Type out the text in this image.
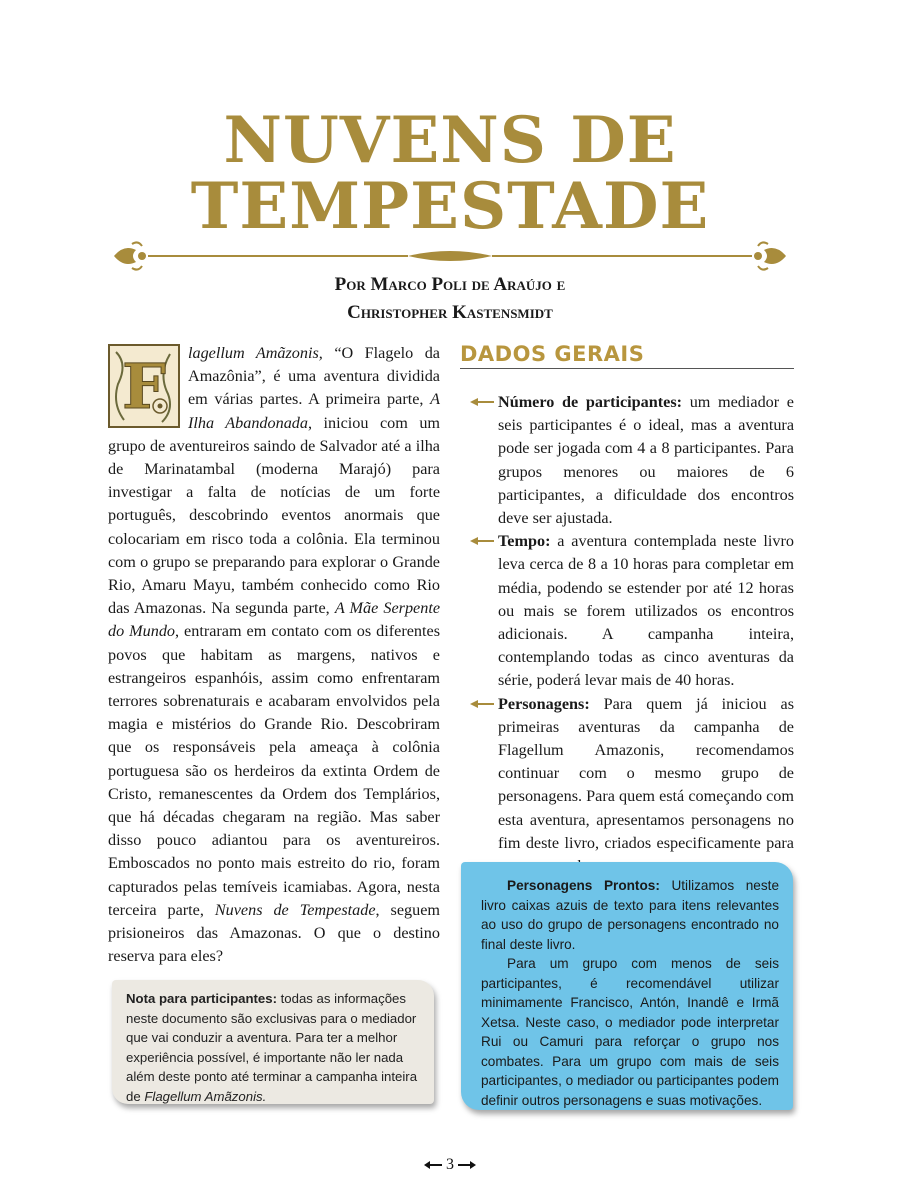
NUVENS DE
TEMPESTADE
Por Marco Poli de Araújo e
Christopher Kastensmidt
F lagellum Amãzonis, “O Flagelo da Amazônia”, é uma aventura dividida em várias partes. A primeira parte, A Ilha Abandonada, iniciou com um grupo de aventureiros saindo de Salvador até a ilha de Marinatambal (moderna Marajó) para investigar a falta de notícias de um forte português, descobrindo eventos anormais que colocariam em risco toda a colônia. Ela terminou com o grupo se preparando para explorar o Grande Rio, Amaru Mayu, também conhecido como Rio das Amazonas. Na segunda parte, A Mãe Serpente do Mundo, entraram em contato com os diferentes povos que habitam as margens, nativos e estrangeiros espanhóis, assim como enfrentaram terrores sobrenaturais e acabaram envolvidos pela magia e mistérios do Grande Rio. Descobriram que os responsáveis pela ameaça à colônia portuguesa são os herdeiros da extinta Ordem de Cristo, remanescentes da Ordem dos Templários, que há décadas chegaram na região. Mas saber disso pouco adiantou para os aventureiros. Emboscados no ponto mais estreito do rio, foram capturados pelas temíveis icamiabas. Agora, nesta terceira parte, Nuvens de Tempestade, seguem prisioneiros das Amazonas. O que o destino reserva para eles?
Nota para participantes: todas as informações neste documento são exclusivas para o mediador que vai conduzir a aventura. Para ter a melhor experiência possível, é importante não ler nada além deste ponto até terminar a campanha inteira de Flagellum Amãzonis.
DADOS GERAIS
Número de participantes: um mediador e seis participantes é o ideal, mas a aventura pode ser jogada com 4 a 8 participantes. Para grupos menores ou maiores de 6 participantes, a dificuldade dos encontros deve ser ajustada.
Tempo: a aventura contemplada neste livro leva cerca de 8 a 10 horas para completar em média, podendo se estender por até 12 horas ou mais se forem utilizados os encontros adicionais. A campanha inteira, contemplando todas as cinco aventuras da série, poderá levar mais de 40 horas.
Personagens: Para quem já iniciou as primeiras aventuras da campanha de Flagellum Amazonis, recomendamos continuar com o mesmo grupo de personagens. Para quem está começando com esta aventura, apresentamos personagens no fim deste livro, criados especificamente para

Personagens Prontos: Utilizamos neste livro caixas azuis de texto para itens relevantes ao uso do grupo de personagens encontrado no final deste livro.

Para um grupo com menos de seis participantes, é recomendável utilizar minimamente Francisco, Antón, Inandê e Irmã Xetsa. Neste caso, o mediador pode interpretar Rui ou Camuri para reforçar o grupo nos combates. Para um grupo com mais de seis participantes, o mediador ou participantes podem definir outros personagens e suas motivações.

3
